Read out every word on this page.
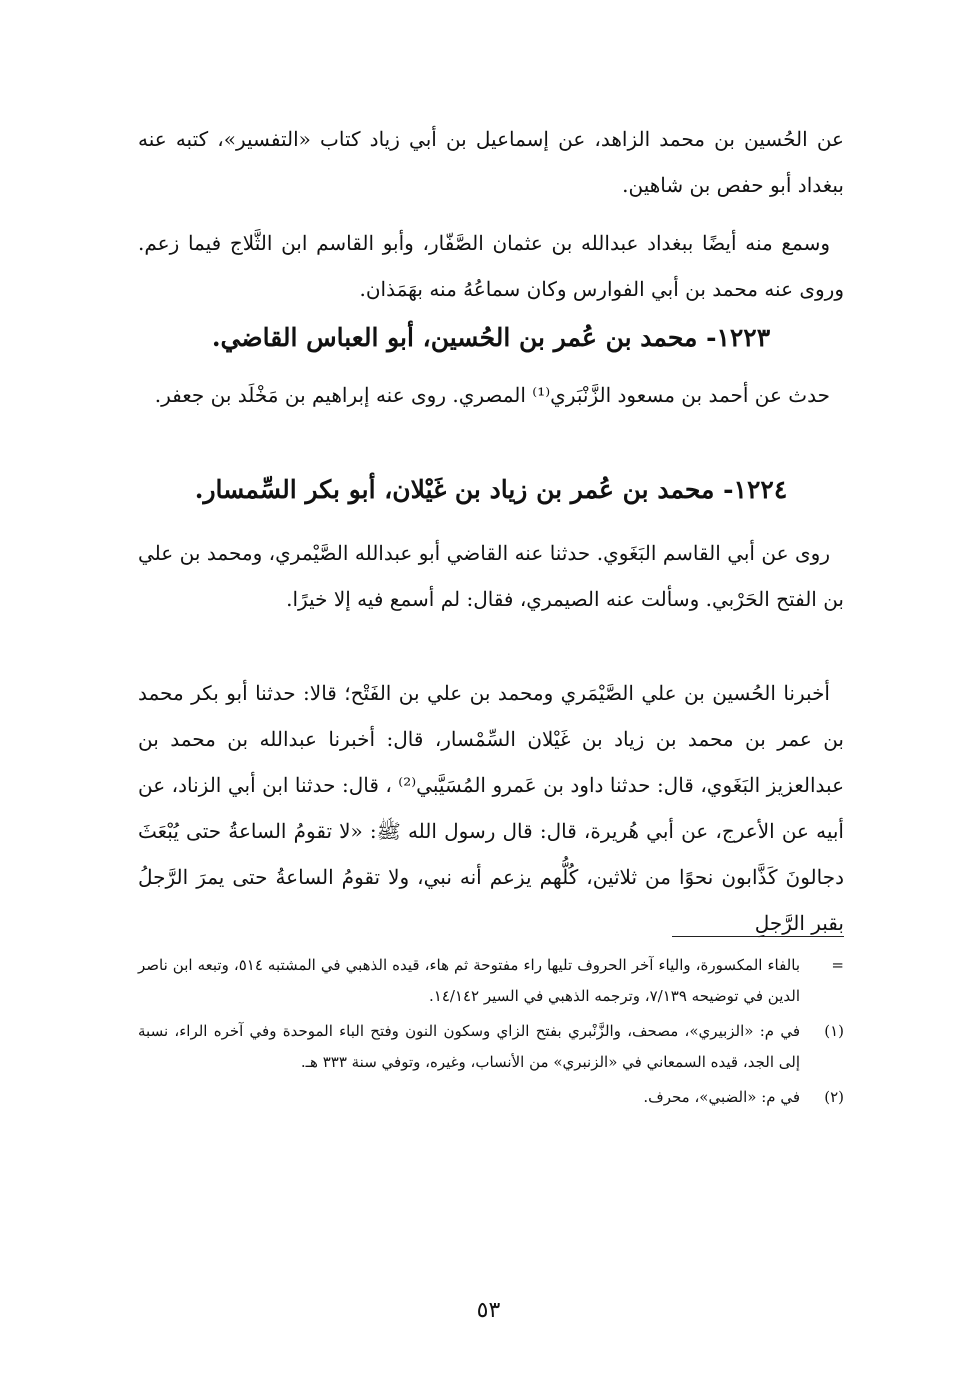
عن الحُسين بن محمد الزاهد، عن إسماعيل بن أبي زياد كتاب «التفسير»، كتبه عنه ببغداد أبو حفص بن شاهين.

وسمع منه أيضًا ببغداد عبدالله بن عثمان الصَّفّار، وأبو القاسم ابن الثَّلاج فيما زعم. وروى عنه محمد بن أبي الفوارس وكان سماعُهُ منه بهَمَذان.

١٢٢٣- محمد بن عُمر بن الحُسين، أبو العباس القاضي.

حدث عن أحمد بن مسعود الزَّنْبَري⁽¹⁾ المصري. روى عنه إبراهيم بن مَخْلَد بن جعفر.

١٢٢٤- محمد بن عُمر بن زياد بن غَيْلان، أبو بكر السِّمسار.

روى عن أبي القاسم البَغَوي. حدثنا عنه القاضي أبو عبدالله الصَّيْمري، ومحمد بن علي بن الفتح الحَرْبي. وسألت عنه الصيمري، فقال: لم أسمع فيه إلا خيرًا.

أخبرنا الحُسين بن علي الصَّيْمَري ومحمد بن علي بن الفَتْح؛ قالا: حدثنا أبو بكر محمد بن عمر بن محمد بن زياد بن غَيْلان السِّمْسار، قال: أخبرنا عبدالله بن محمد بن عبدالعزيز البَغَوي، قال: حدثنا داود بن عَمرو المُسَيَّبي⁽²⁾ ، قال: حدثنا ابن أبي الزناد، عن أبيه عن الأعرج، عن أبي هُريرة، قال: قال رسول الله ﷺ: «لا تقومُ الساعةُ حتى يُبْعَثَ دجالونَ كَذَّابون نحوًا من ثلاثين، كُلُّهم يزعم أنه نبي، ولا تقومُ الساعةُ حتى يمرَ الرَّجلُ بقبر الرَّجلِ

=
بالفاء المكسورة، والياء آخر الحروف تليها راء مفتوحة ثم هاء، قيده الذهبي في المشتبه ٥١٤، وتبعه ابن ناصر الدين في توضيحه ٧/١٣٩، وترجمه الذهبي في السير ١٤/١٤٢.
(١)
في م: «الزبيري»، مصحف، والزَّنْبري بفتح الزاي وسكون النون وفتح الباء الموحدة وفي آخره الراء، نسبة إلى الجد، قيده السمعاني في «الزنبري» من الأنساب، وغيره، وتوفي سنة ٣٣٣ هـ.
(٢)
في م: «الضبي»، محرف.
٥٣
